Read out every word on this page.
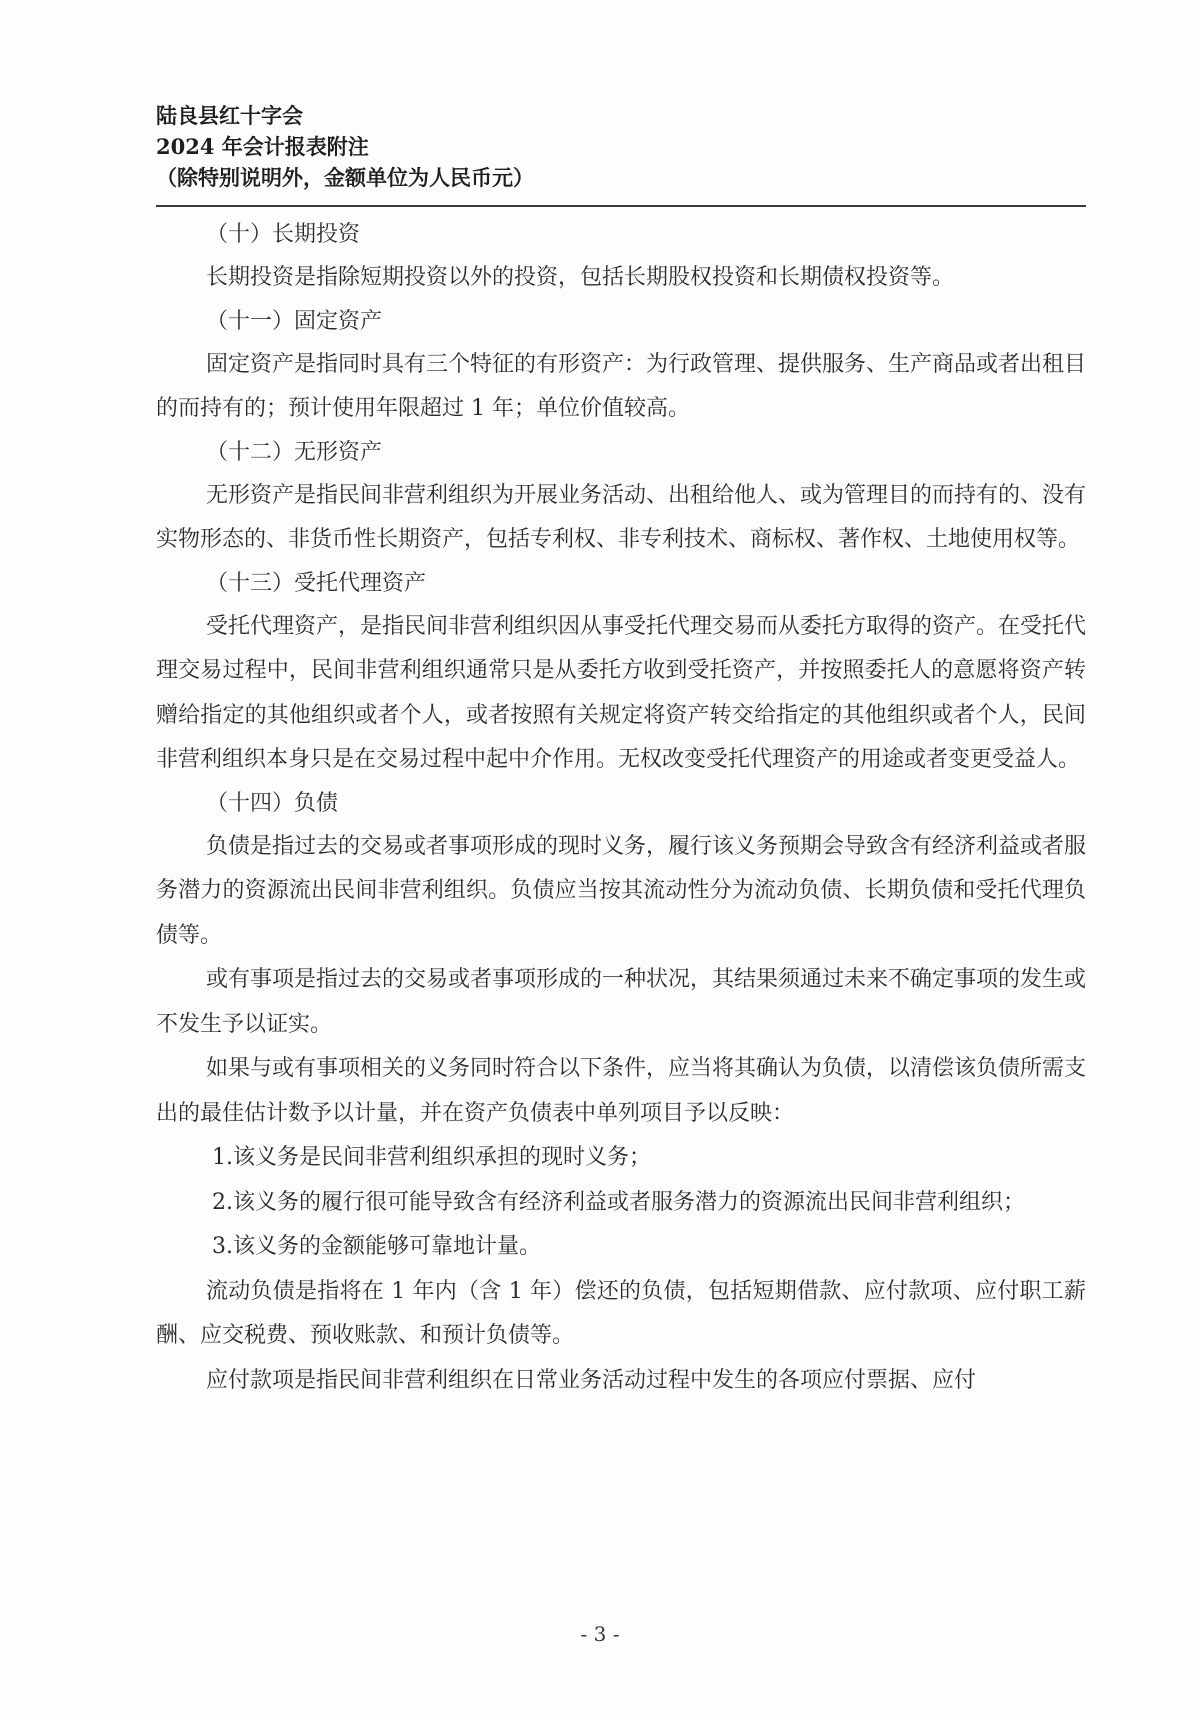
陆良县红十字会
2024 年会计报表附注
（除特别说明外，金额单位为人民币元）
（十）长期投资

长期投资是指除短期投资以外的投资，包括长期股权投资和长期债权投资等。

（十一）固定资产

固定资产是指同时具有三个特征的有形资产：为行政管理、提供服务、生产商品或者出租目的而持有的；预计使用年限超过 1 年；单位价值较高。

（十二）无形资产

无形资产是指民间非营利组织为开展业务活动、出租给他人、或为管理目的而持有的、没有实物形态的、非货币性长期资产，包括专利权、非专利技术、商标权、著作权、土地使用权等。

（十三）受托代理资产

受托代理资产，是指民间非营利组织因从事受托代理交易而从委托方取得的资产。在受托代理交易过程中，民间非营利组织通常只是从委托方收到受托资产，并按照委托人的意愿将资产转赠给指定的其他组织或者个人，或者按照有关规定将资产转交给指定的其他组织或者个人，民间非营利组织本身只是在交易过程中起中介作用。无权改变受托代理资产的用途或者变更受益人。

（十四）负债

负债是指过去的交易或者事项形成的现时义务，履行该义务预期会导致含有经济利益或者服务潜力的资源流出民间非营利组织。负债应当按其流动性分为流动负债、长期负债和受托代理负债等。

或有事项是指过去的交易或者事项形成的一种状况，其结果须通过未来不确定事项的发生或不发生予以证实。

如果与或有事项相关的义务同时符合以下条件，应当将其确认为负债，以清偿该负债所需支出的最佳估计数予以计量，并在资产负债表中单列项目予以反映：

1.该义务是民间非营利组织承担的现时义务；

2.该义务的履行很可能导致含有经济利益或者服务潜力的资源流出民间非营利组织；

3.该义务的金额能够可靠地计量。

流动负债是指将在 1 年内（含 1 年）偿还的负债，包括短期借款、应付款项、应付职工薪酬、应交税费、预收账款、和预计负债等。

应付款项是指民间非营利组织在日常业务活动过程中发生的各项应付票据、应付

- 3 -
